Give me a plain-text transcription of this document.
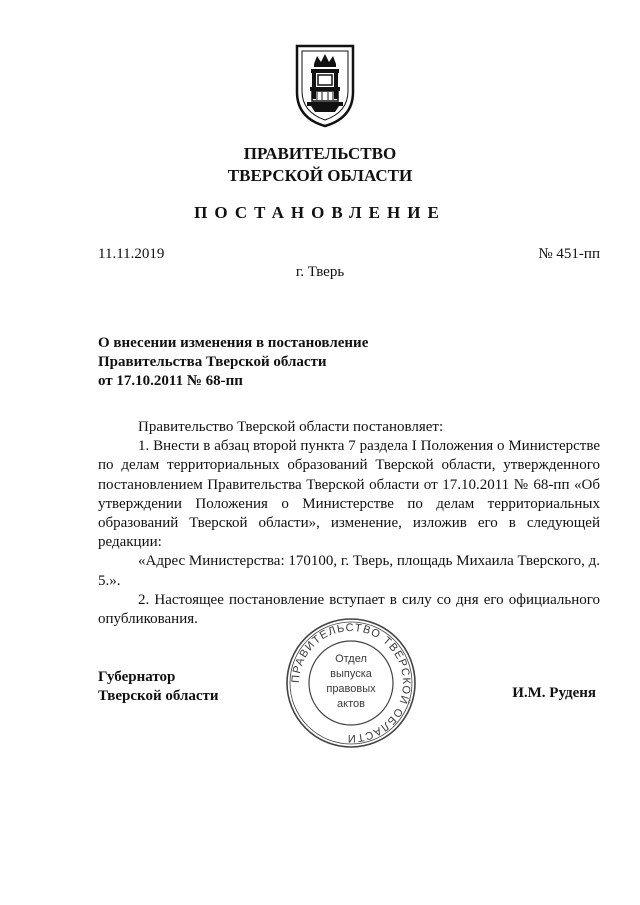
ПРАВИТЕЛЬСТВО
ТВЕРСКОЙ ОБЛАСТИ
ПОСТАНОВЛЕНИЕ
11.11.2019	№ 451-пп
г. Тверь
О внесении изменения в постановление
Правительства Тверской области
от 17.10.2011 № 68-пп

Правительство Тверской области постановляет:

1. Внести в абзац второй пункта 7 раздела I Положения о Министерстве по делам территориальных образований Тверской области, утвержденного постановлением Правительства Тверской области от 17.10.2011 № 68-пп «Об утверждении Положения о Министерстве по делам территориальных образований Тверской области», изменение, изложив его в следующей редакции:

«Адрес Министерства: 170100, г. Тверь, площадь Михаила Тверского, д. 5.».

2. Настоящее постановление вступает в силу со дня его официального опубликования.

Губернатор
Тверской области	И.М. Руденя
ПРАВИТЕЛЬСТВО ТВЕРСКОЙ ОБЛАСТИ
Отдел
выпуска
правовых
актов
